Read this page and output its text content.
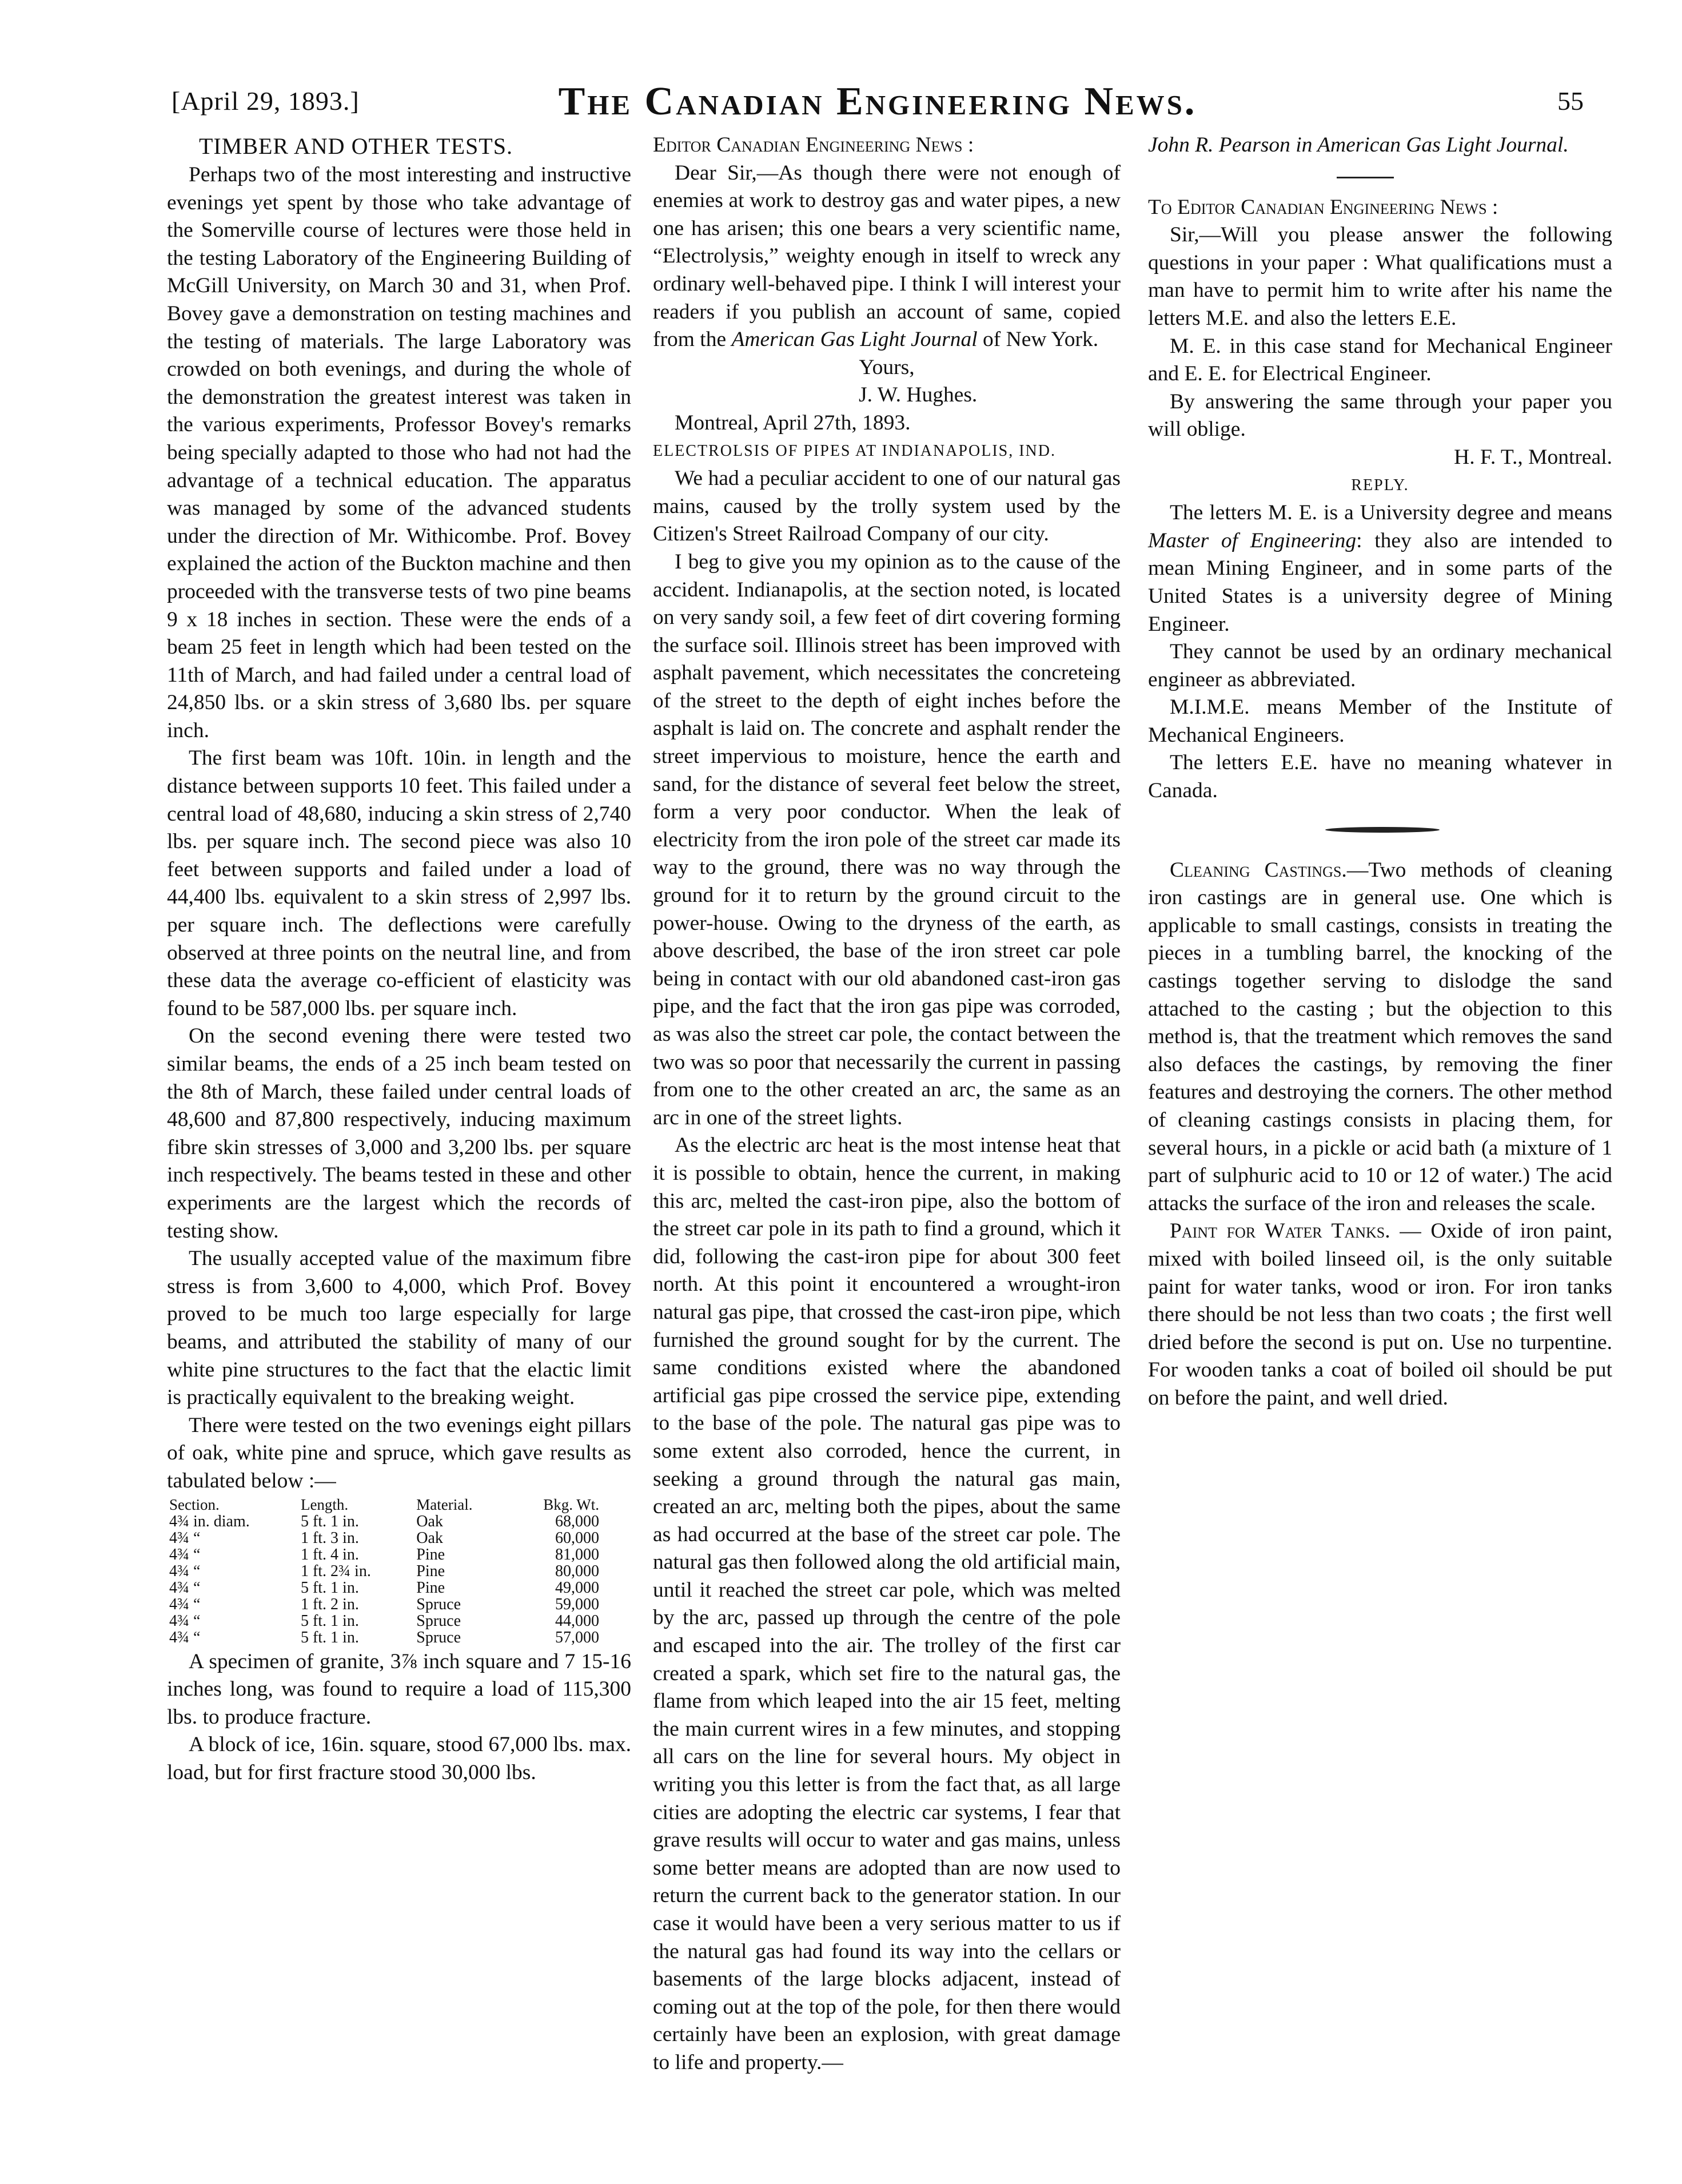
[April 29, 1893.]	The Canadian Engineering News.	55
TIMBER AND OTHER TESTS.

Perhaps two of the most interesting and instructive evenings yet spent by those who take advantage of the Somerville course of lectures were those held in the testing Laboratory of the Engineering Building of McGill University, on March 30 and 31, when Prof. Bovey gave a demonstration on testing machines and the testing of materials. The large Laboratory was crowded on both evenings, and during the whole of the demonstration the greatest interest was taken in the various experiments, Professor Bovey's remarks being specially adapted to those who had not had the advantage of a technical education. The apparatus was managed by some of the advanced students under the direction of Mr. Withicombe. Prof. Bovey explained the action of the Buckton machine and then proceeded with the transverse tests of two pine beams 9 x 18 inches in section. These were the ends of a beam 25 feet in length which had been tested on the 11th of March, and had failed under a central load of 24,850 lbs. or a skin stress of 3,680 lbs. per square inch.

The first beam was 10ft. 10in. in length and the distance between supports 10 feet. This failed under a central load of 48,680, inducing a skin stress of 2,740 lbs. per square inch. The second piece was also 10 feet between supports and failed under a load of 44,400 lbs. equivalent to a skin stress of 2,997 lbs. per square inch. The deflections were carefully observed at three points on the neutral line, and from these data the average co-efficient of elasticity was found to be 587,000 lbs. per square inch.

On the second evening there were tested two similar beams, the ends of a 25 inch beam tested on the 8th of March, these failed under central loads of 48,600 and 87,800 respectively, inducing maximum fibre skin stresses of 3,000 and 3,200 lbs. per square inch respectively. The beams tested in these and other experiments are the largest which the records of testing show.

The usually accepted value of the maximum fibre stress is from 3,600 to 4,000, which Prof. Bovey proved to be much too large especially for large beams, and attributed the stability of many of our white pine structures to the fact that the elactic limit is practically equivalent to the breaking weight.

There were tested on the two evenings eight pillars of oak, white pine and spruce, which gave results as tabulated below :—

Section.	Length.	Material.	Bkg. Wt.
4¾ in. diam.	5 ft. 1 in.	Oak	68,000
4¾ “	1 ft. 3 in.	Oak	60,000
4¾ “	1 ft. 4 in.	Pine	81,000
4¾ “	1 ft. 2¾ in.	Pine	80,000
4¾ “	5 ft. 1 in.	Pine	49,000
4¾ “	1 ft. 2 in.	Spruce	59,000
4¾ “	5 ft. 1 in.	Spruce	44,000
4¾ “	5 ft. 1 in.	Spruce	57,000

A specimen of granite, 3⅞ inch square and 7 15-16 inches long, was found to require a load of 115,300 lbs. to produce fracture.

A block of ice, 16in. square, stood 67,000 lbs. max. load, but for first fracture stood 30,000 lbs.

Editor Canadian Engineering News :

Dear Sir,—As though there were not enough of enemies at work to destroy gas and water pipes, a new one has arisen; this one bears a very scientific name, “Electrolysis,” weighty enough in itself to wreck any ordinary well-behaved pipe. I think I will interest your readers if you publish an account of same, copied from the American Gas Light Journal of New York.

Yours,

J. W. Hughes.

Montreal, April 27th, 1893.

ELECTROLSIS OF PIPES AT INDIANAPOLIS, IND.

We had a peculiar accident to one of our natural gas mains, caused by the trolly system used by the Citizen's Street Railroad Company of our city.

I beg to give you my opinion as to the cause of the accident. Indianapolis, at the section noted, is located on very sandy soil, a few feet of dirt covering forming the surface soil. Illinois street has been improved with asphalt pavement, which necessitates the concreteing of the street to the depth of eight inches before the asphalt is laid on. The concrete and asphalt render the street impervious to moisture, hence the earth and sand, for the distance of several feet below the street, form a very poor conductor. When the leak of electricity from the iron pole of the street car made its way to the ground, there was no way through the ground for it to return by the ground circuit to the power-house. Owing to the dryness of the earth, as above described, the base of the iron street car pole being in contact with our old abandoned cast-iron gas pipe, and the fact that the iron gas pipe was corroded, as was also the street car pole, the contact between the two was so poor that necessarily the current in passing from one to the other created an arc, the same as an arc in one of the street lights.

As the electric arc heat is the most intense heat that it is possible to obtain, hence the current, in making this arc, melted the cast-iron pipe, also the bottom of the street car pole in its path to find a ground, which it did, following the cast-iron pipe for about 300 feet north. At this point it encountered a wrought-iron natural gas pipe, that crossed the cast-iron pipe, which furnished the ground sought for by the current. The same conditions existed where the abandoned artificial gas pipe crossed the service pipe, extending to the base of the pole. The natural gas pipe was to some extent also corroded, hence the current, in seeking a ground through the natural gas main, created an arc, melting both the pipes, about the same as had occurred at the base of the street car pole. The natural gas then followed along the old artificial main, until it reached the street car pole, which was melted by the arc, passed up through the centre of the pole and escaped into the air. The trolley of the first car created a spark, which set fire to the natural gas, the flame from which leaped into the air 15 feet, melting the main current wires in a few minutes, and stopping all cars on the line for several hours. My object in writing you this letter is from the fact that, as all large cities are adopting the electric car systems, I fear that grave results will occur to water and gas mains, unless some better means are adopted than are now used to return the current back to the generator station. In our case it would have been a very serious matter to us if the natural gas had found its way into the cellars or basements of the large blocks adjacent, instead of coming out at the top of the pole, for then there would certainly have been an explosion, with great damage to life and property.—

John R. Pearson in American Gas Light Journal.

To Editor Canadian Engineering News :

Sir,—Will you please answer the following questions in your paper : What qualifications must a man have to permit him to write after his name the letters M.E. and also the letters E.E.

M. E. in this case stand for Mechanical Engineer and E. E. for Electrical Engineer.

By answering the same through your paper you will oblige.

H. F. T., Montreal.

REPLY.

The letters M. E. is a University degree and means Master of Engineering: they also are intended to mean Mining Engineer, and in some parts of the United States is a university degree of Mining Engineer.

They cannot be used by an ordinary mechanical engineer as abbreviated.

M.I.M.E. means Member of the Institute of Mechanical Engineers.

The letters E.E. have no meaning whatever in Canada.

Cleaning Castings.—Two methods of cleaning iron castings are in general use. One which is applicable to small castings, consists in treating the pieces in a tumbling barrel, the knocking of the castings together serving to dislodge the sand attached to the casting ; but the objection to this method is, that the treatment which removes the sand also defaces the castings, by removing the finer features and destroying the corners. The other method of cleaning castings consists in placing them, for several hours, in a pickle or acid bath (a mixture of 1 part of sulphuric acid to 10 or 12 of water.) The acid attacks the surface of the iron and releases the scale.

Paint for Water Tanks. — Oxide of iron paint, mixed with boiled linseed oil, is the only suitable paint for water tanks, wood or iron. For iron tanks there should be not less than two coats ; the first well dried before the second is put on. Use no turpentine. For wooden tanks a coat of boiled oil should be put on before the paint, and well dried.
